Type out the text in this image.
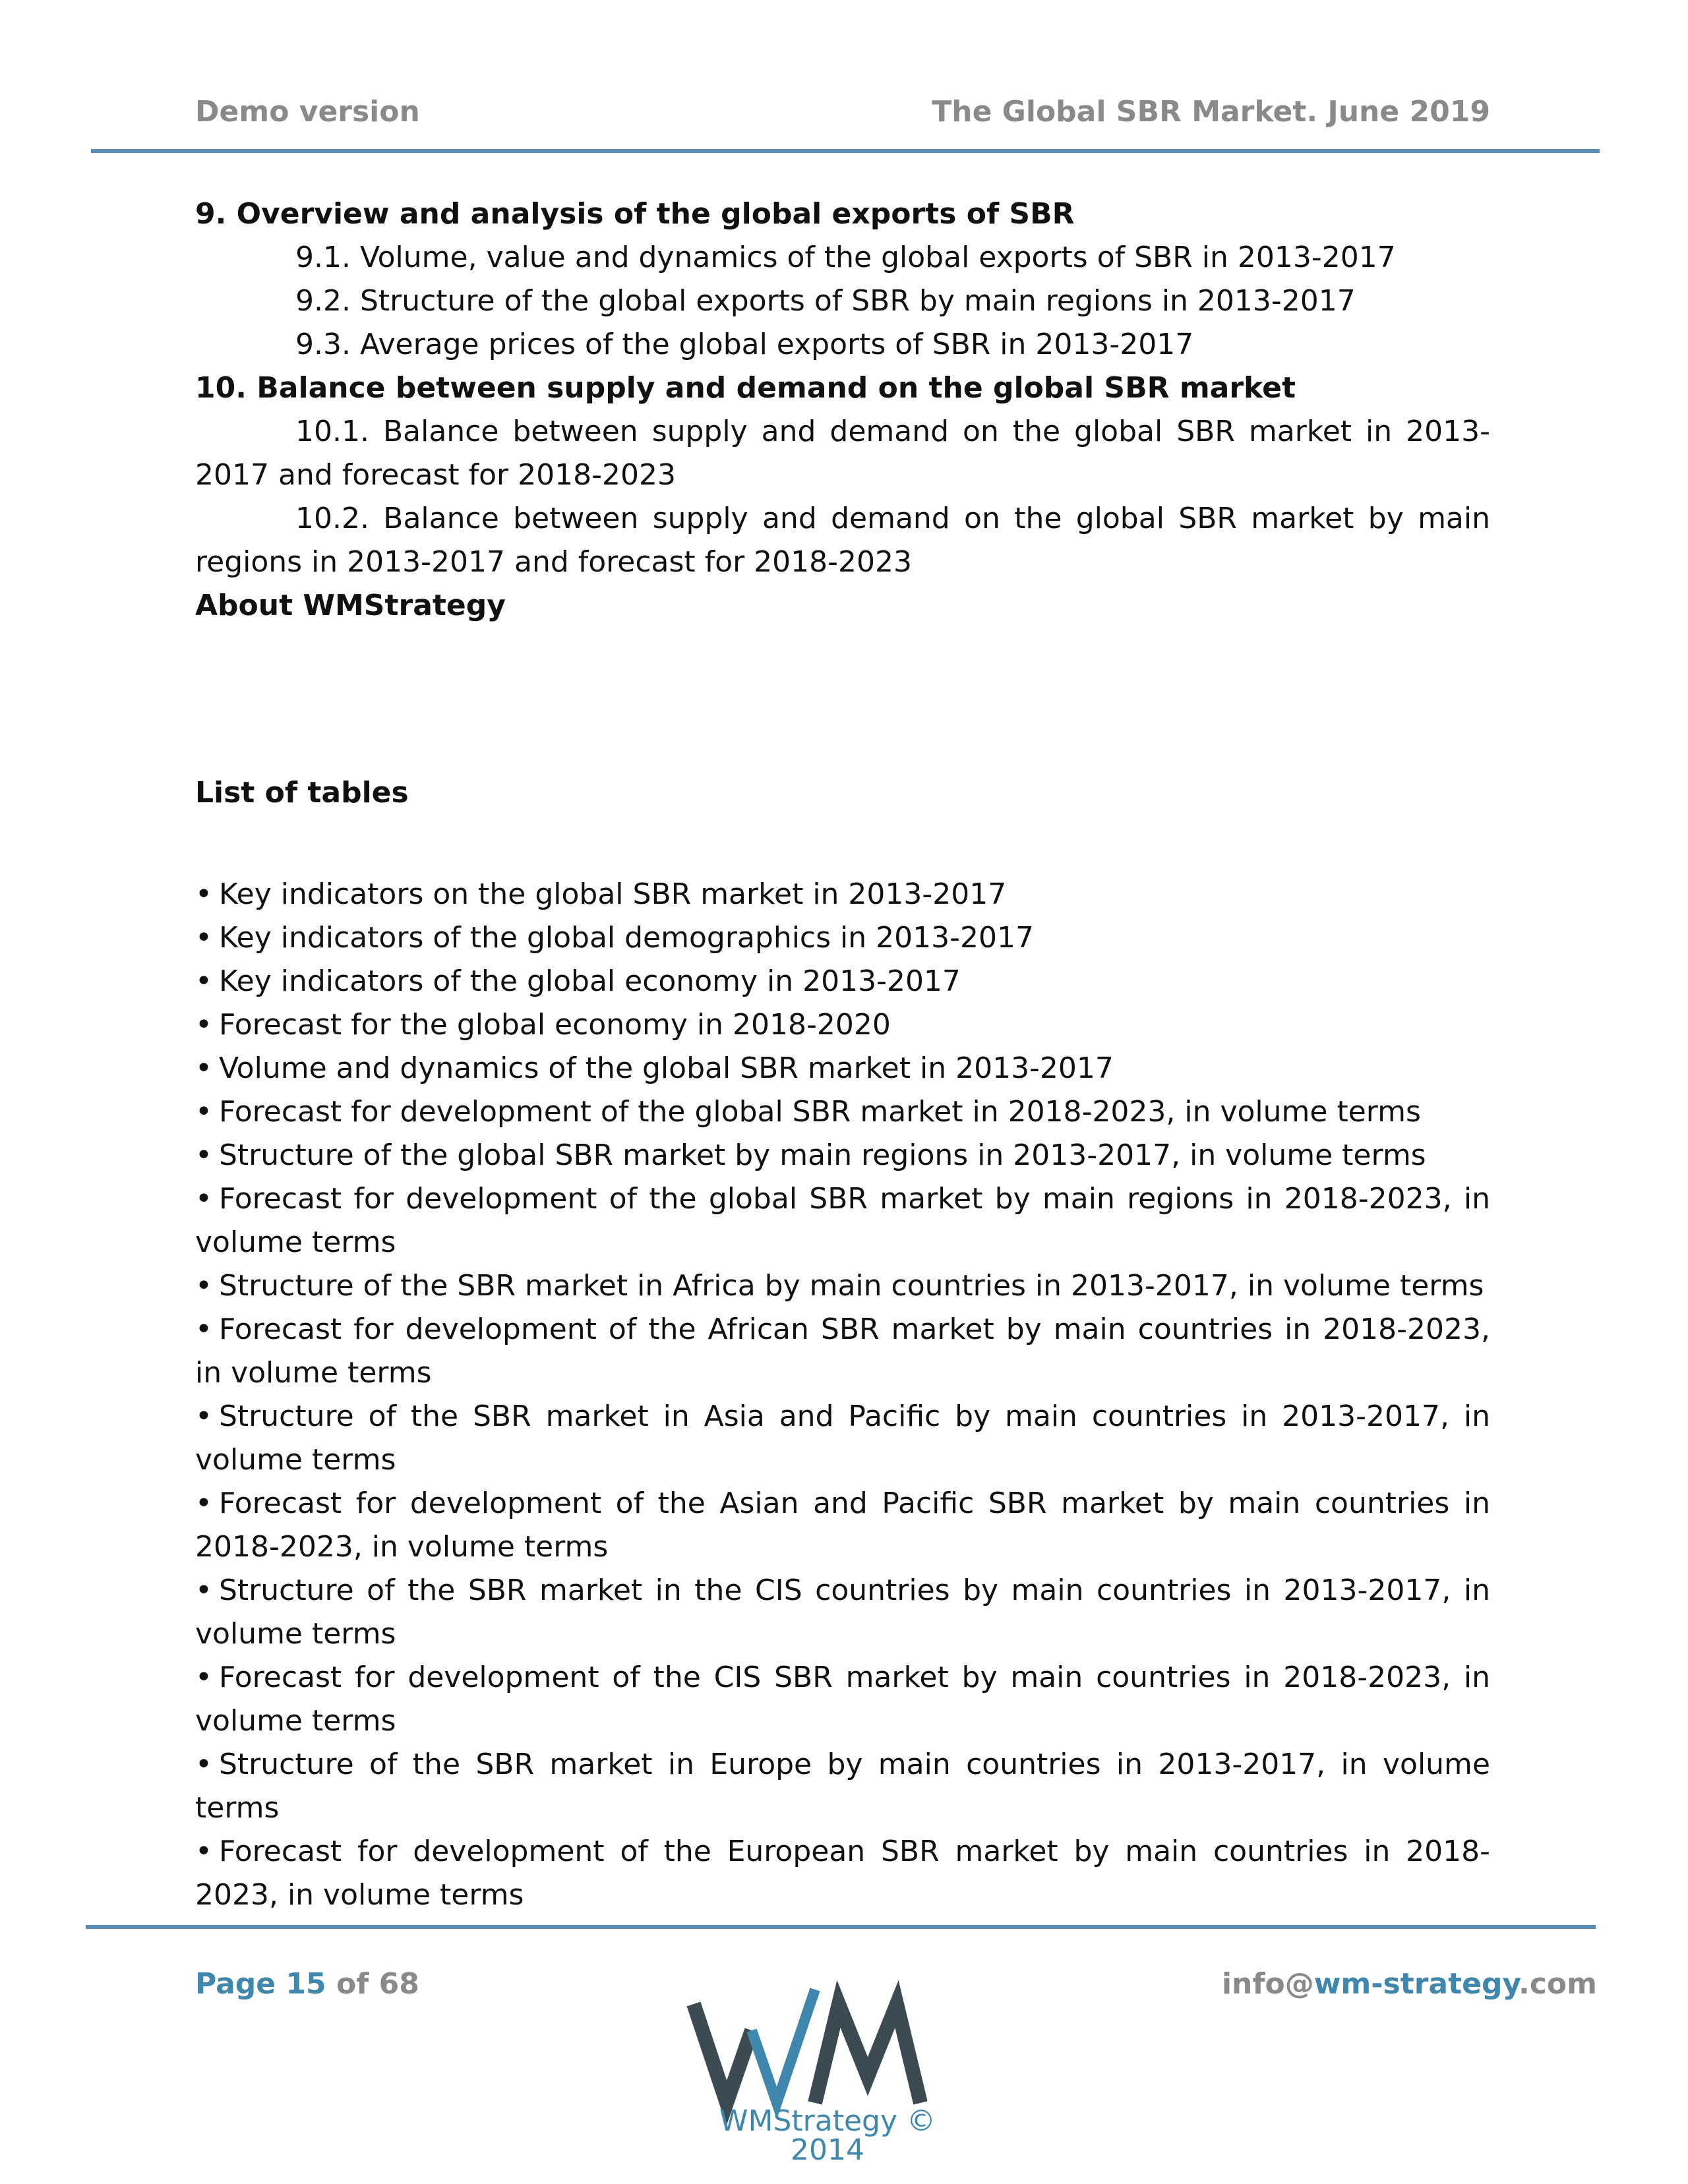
Demo version	The Global SBR Market. June 2019

9. Overview and analysis of the global exports of SBR

9.1. Volume, value and dynamics of the global exports of SBR in 2013-2017

9.2. Structure of the global exports of SBR by main regions in 2013-2017

9.3. Average prices of the global exports of SBR in 2013-2017

10. Balance between supply and demand on the global SBR market

10.1. Balance between supply and demand on the global SBR market in 2013-2017 and forecast for 2018-2023

10.2. Balance between supply and demand on the global SBR market by main regions in 2013-2017 and forecast for 2018-2023

About WMStrategy

List of tables

• Key indicators on the global SBR market in 2013-2017
• Key indicators of the global demographics in 2013-2017
• Key indicators of the global economy in 2013-2017
• Forecast for the global economy in 2018-2020
• Volume and dynamics of the global SBR market in 2013-2017
• Forecast for development of the global SBR market in 2018-2023, in volume terms
• Structure of the global SBR market by main regions in 2013-2017, in volume terms
• Forecast for development of the global SBR market by main regions in 2018-2023, in volume terms
• Structure of the SBR market in Africa by main countries in 2013-2017, in volume terms
• Forecast for development of the African SBR market by main countries in 2018-2023, in volume terms
• Structure of the SBR market in Asia and Pacific by main countries in 2013-2017, in volume terms
• Forecast for development of the Asian and Pacific SBR market by main countries in 2018-2023, in volume terms
• Structure of the SBR market in the CIS countries by main countries in 2013-2017, in volume terms
• Forecast for development of the CIS SBR market by main countries in 2018-2023, in volume terms
• Structure of the SBR market in Europe by main countries in 2013-2017, in volume terms
• Forecast for development of the European SBR market by main countries in 2018-2023, in volume terms
Page 15 of 68	info@wm-strategy.com
WMStrategy © 2014
